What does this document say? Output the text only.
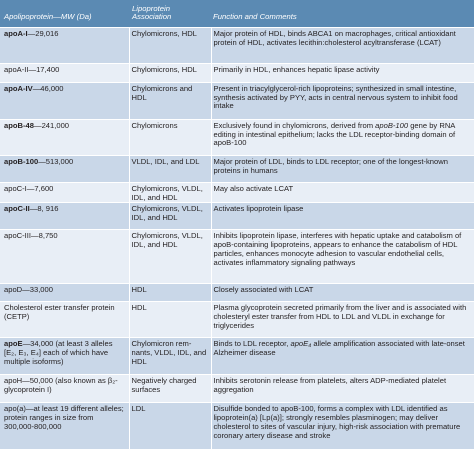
Apolipoprotein—MW (Da)	Lipoprotein Association	Function and Comments
apoA-I—29,016	Chylomicrons, HDL	Major protein of HDL, binds ABCA1 on macrophages, critical antioxidant protein of HDL, activates lecithin:cholesterol acyltransferase (LCAT)
apoA-II—17,400	Chylomicrons, HDL	Primarily in HDL, enhances hepatic lipase activity
apoA-IV—46,000	Chylomicrons and HDL	Present in triacylglycerol-rich lipoproteins; synthesized in small intestine, synthesis activated by PYY, acts in central nervous system to inhibit food intake
apoB-48—241,000	Chylomicrons	Exclusively found in chylomicrons, derived from apoB-100 gene by RNA editing in intestinal epithelium; lacks the LDL receptor-binding domain of apoB-100
apoB-100—513,000	VLDL, IDL, and LDL	Major protein of LDL, binds to LDL receptor; one of the longest-known proteins in humans
apoC-I—7,600	Chylomicrons, VLDL, IDL, and HDL	May also activate LCAT
apoC-II—8, 916	Chylomicrons, VLDL, IDL, and HDL	Activates lipoprotein lipase
apoC-III—8,750	Chylomicrons, VLDL, IDL, and HDL	Inhibits lipoprotein lipase, interferes with hepatic uptake and catabolism of apoB-containing lipoproteins, appears to enhance the catabolism of HDL particles, enhances monocyte adhesion to vascular endothelial cells, activates inflammatory signaling pathways
apoD—33,000	HDL	Closely associated with LCAT
Cholesterol ester transfer protein (CETP)	HDL	Plasma glycoprotein secreted primarily from the liver and is associated with cholesteryl ester transfer from HDL to LDL and VLDL in exchange for triglycerides
apoE—34,000 (at least 3 alleles [E₂, E₃, E₄] each of which have multiple isoforms)	Chylomicron remnants, VLDL, IDL, and HDL	Binds to LDL receptor, apoE₄ allele amplification associated with late-onset Alzheimer disease
apoH—50,000 (also known as β₂-glycoprotein I)	Negatively charged surfaces	Inhibits serotonin release from platelets, alters ADP-mediated platelet aggregation
apo(a)—at least 19 different alleles; protein ranges in size from 300,000-800,000	LDL	Disulfide bonded to apoB-100, forms a complex with LDL identified as lipoprotein(a) [Lp(a)]; strongly resembles plasminogen; may deliver cholesterol to sites of vascular injury, high-risk association with premature coronary artery disease and stroke
